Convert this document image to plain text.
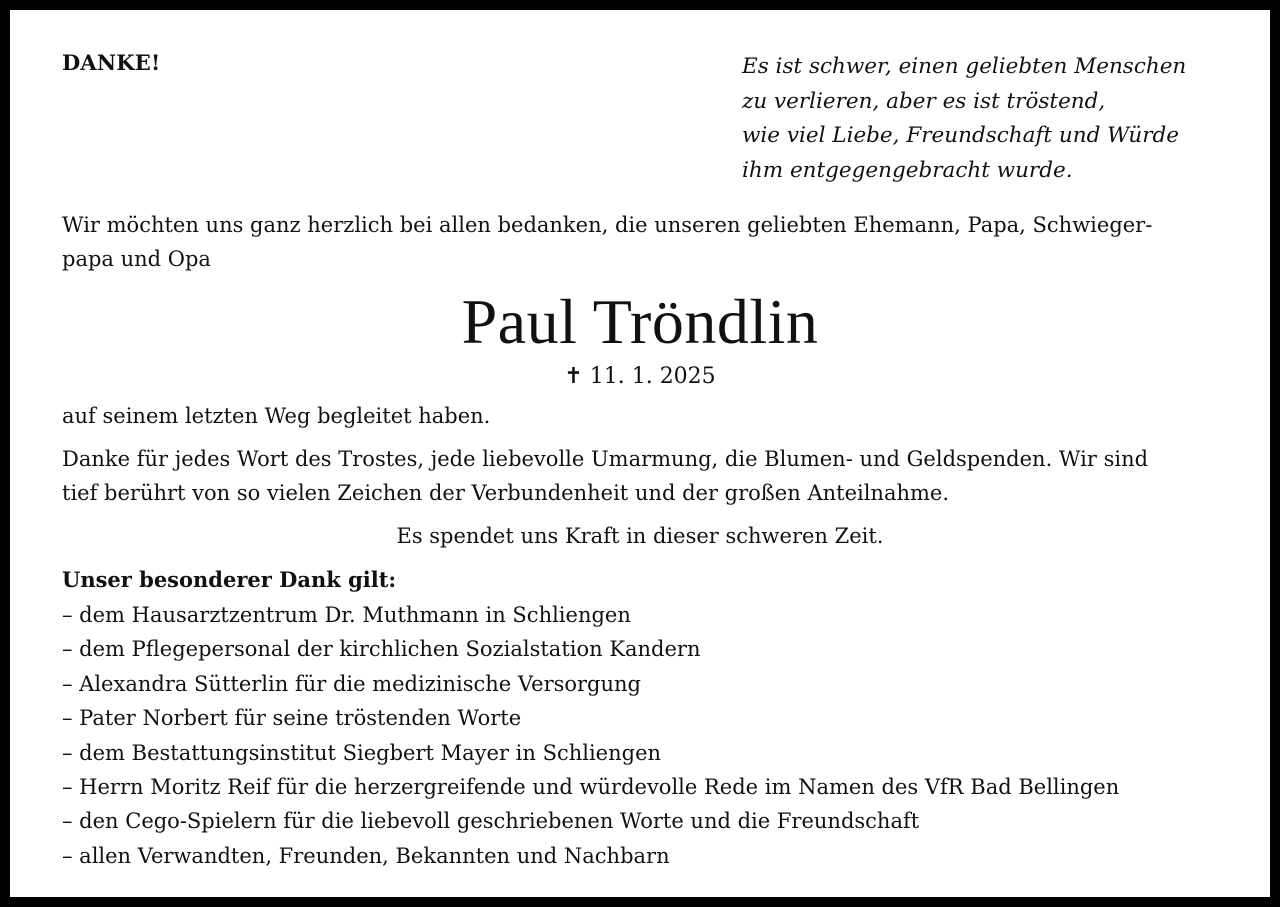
DANKE!	Es ist schwer, einen geliebten Menschen
zu verlieren, aber es ist tröstend,
wie viel Liebe, Freundschaft und Würde
ihm entgegengebracht wurde.

Wir möchten uns ganz herzlich bei allen bedanken, die unseren geliebten Ehemann, Papa, Schwieger-
papa und Opa

Paul Tröndlin

✝ 11. 1. 2025

auf seinem letzten Weg begleitet haben.

Danke für jedes Wort des Trostes, jede liebevolle Umarmung, die Blumen- und Geldspenden. Wir sind
tief berührt von so vielen Zeichen der Verbundenheit und der großen Anteilnahme.

Es spendet uns Kraft in dieser schweren Zeit.

Unser besonderer Dank gilt:

– dem Hausarztzentrum Dr. Muthmann in Schliengen
– dem Pflegepersonal der kirchlichen Sozialstation Kandern
– Alexandra Sütterlin für die medizinische Versorgung
– Pater Norbert für seine tröstenden Worte
– dem Bestattungsinstitut Siegbert Mayer in Schliengen
– Herrn Moritz Reif für die herzergreifende und würdevolle Rede im Namen des VfR Bad Bellingen
– den Cego-Spielern für die liebevoll geschriebenen Worte und die Freundschaft
– allen Verwandten, Freunden, Bekannten und Nachbarn
